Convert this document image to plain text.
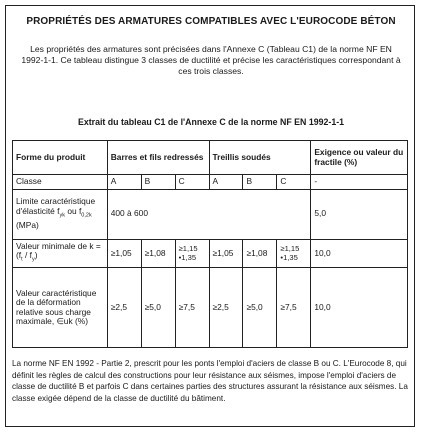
PROPRIÉTÉS DES ARMATURES COMPATIBLES AVEC L'EUROCODE BÉTON
Les propriétés des armatures sont précisées dans l'Annexe C (Tableau C1) de la norme NF EN 1992-1-1. Ce tableau distingue 3 classes de ductilité et précise les caractéristiques correspondant à ces trois classes.
Extrait du tableau C1 de l'Annexe C de la norme NF EN 1992-1-1
Forme du produit	Barres et fils redressés			Treillis soudés			Exigence ou valeur du fractile (%)
Classe	A	B	C	A	B	C	-
Limite caractéristique d'élasticité $f_{yk}$ ou $f_{0,2k}$ (MPa)	400 à 600						5,0
Valeur minimale de $k = (f_t / f_y)$	≥1,05	≥1,08	≥1,15 •1,35	≥1,05	≥1,08	≥1,15 •1,35	10,0
Valeur caractéristique de la déformation relative sous charge maximale, ∈uk (%)	≥2,5	≥5,0	≥7,5	≥2,5	≥5,0	≥7,5	10,0
La norme NF EN 1992 - Partie 2, prescrit pour les ponts l'emploi d'aciers de classe B ou C. L'Eurocode 8, qui définit les règles de calcul des constructions pour leur résistance aux séismes, impose l'emploi d'aciers de classe de ductilité B et parfois C dans certaines parties des structures assurant la résistance aux séismes. La classe exigée dépend de la classe de ductilité du bâtiment.
